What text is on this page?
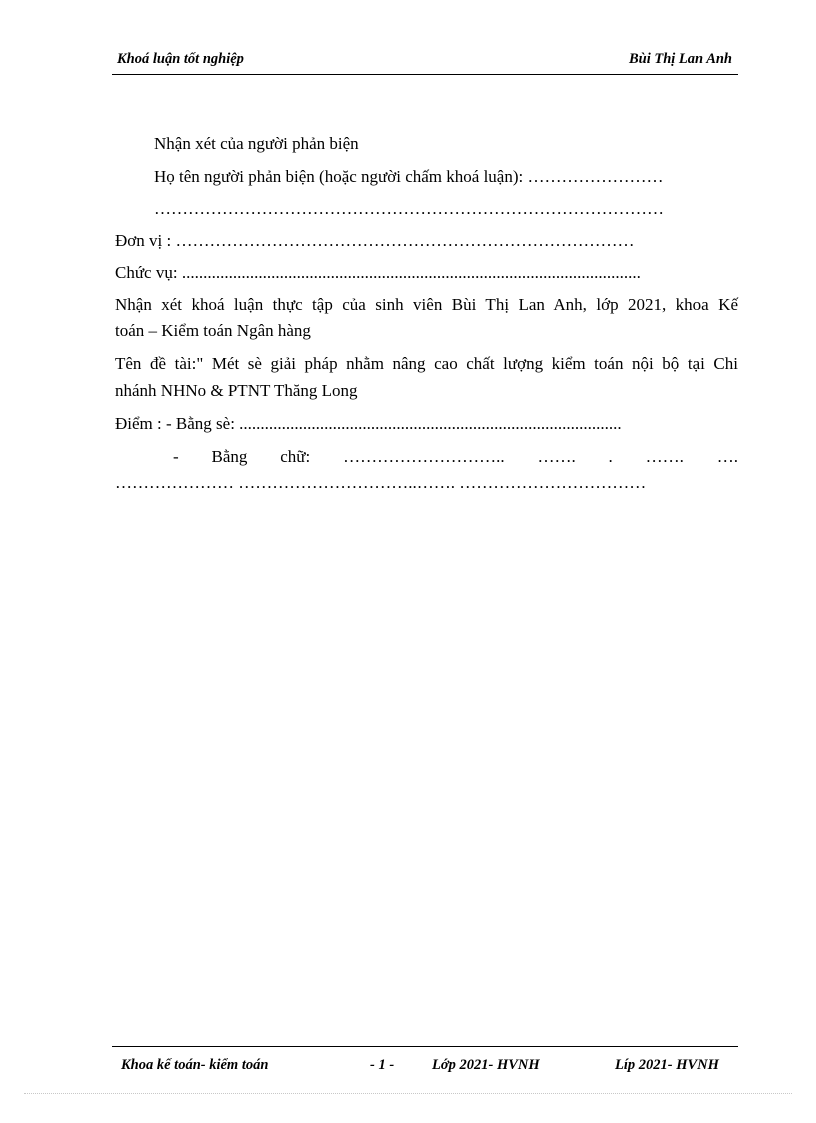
Khoá luận tốt nghiệp	Bùi Thị Lan Anh
Nhận xét của người phản biện
Họ tên người phản biện (hoặc người chấm khoá luận): ……………………
………………………………………………………………………………
Đơn vị : ………………………………………………………………………
Chức vụ: ............................................................................................................
Nhận xét khoá luận thực tập của sinh viên Bùi Thị Lan Anh, lớp 2021, khoa Kế
toán – Kiểm toán Ngân hàng
Tên đề tài:" Mét sè giải pháp nhằm nâng cao chất lượng kiểm toán nội bộ tại Chi
nhánh NHNo & PTNT Thăng Long
Điểm : - Bằng sè: ..........................................................................................
- Bằng chữ: ……………………….. ……. . ……. ….
………………… …………………………..……. ……………………………
Khoa kế toán- kiểm toán	- 1 -	Lớp 2021- HVNH	Líp 2021- HVNH
